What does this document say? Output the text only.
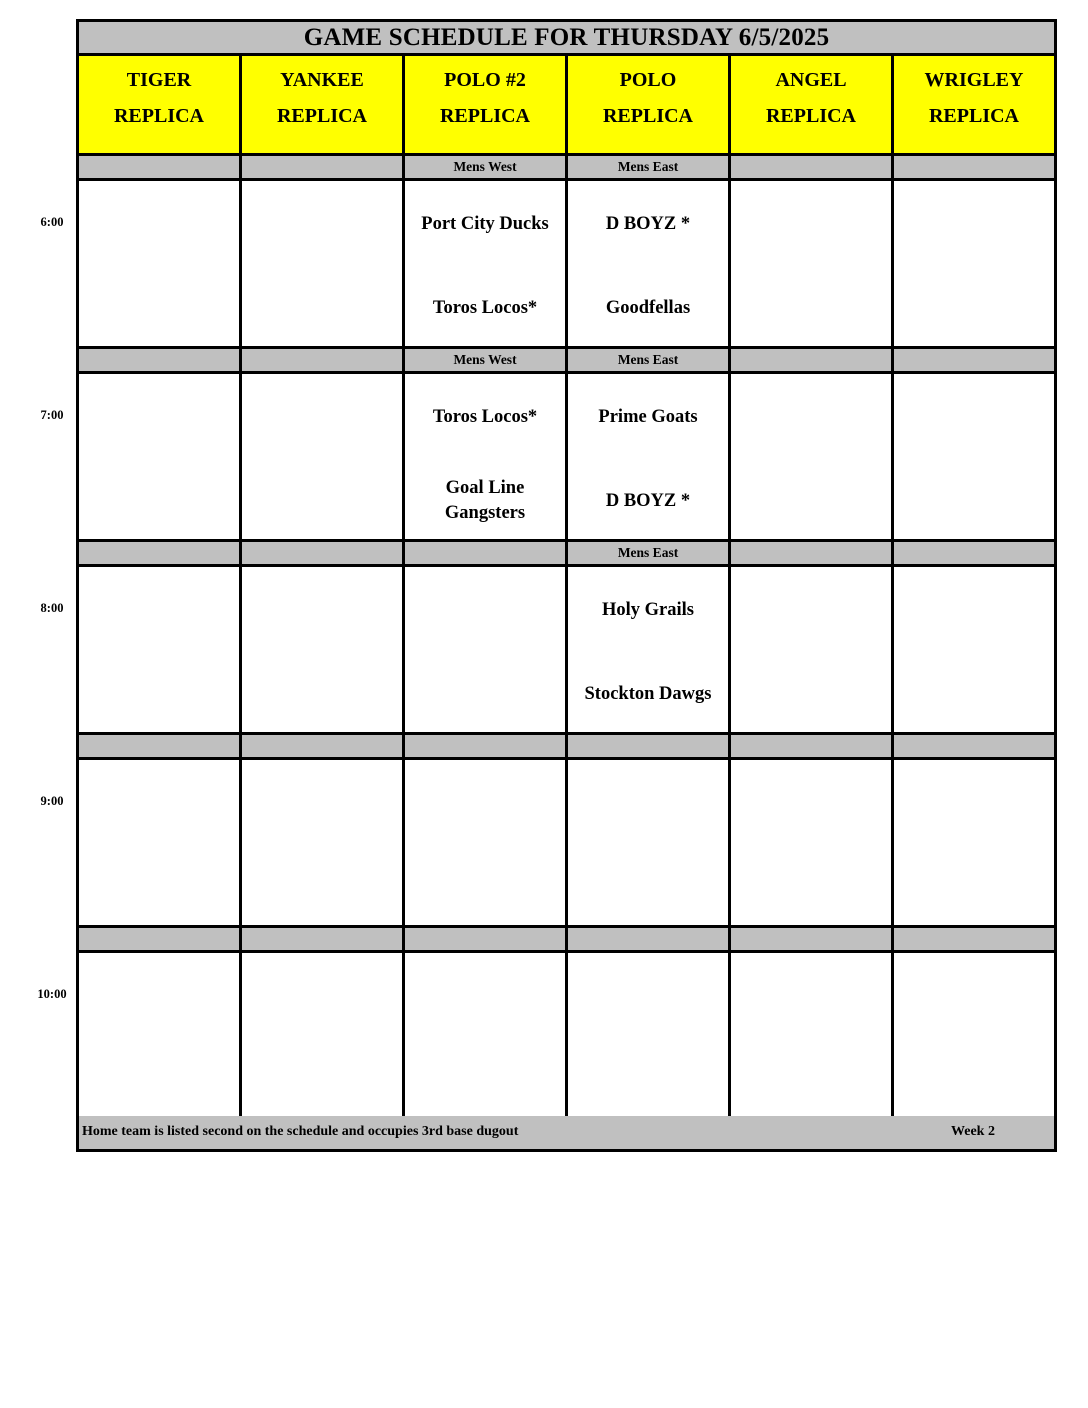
GAME SCHEDULE FOR THURSDAY 6/5/2025
TIGER
REPLICA
YANKEE
REPLICA
POLO #2
REPLICA
POLO
REPLICA
ANGEL
REPLICA
WRIGLEY
REPLICA
Mens West
Port City Ducks
Toros Locos*
Mens East
D BOYZ *
Goodfellas
Mens West
Toros Locos*
Goal Line Gangsters
Mens East
Prime Goats
D BOYZ *
Mens East
Holy Grails
Stockton Dawgs
Home team is listed second on the schedule and occupies 3rd base dugout	Week 2
6:00
7:00
8:00
9:00
10:00
